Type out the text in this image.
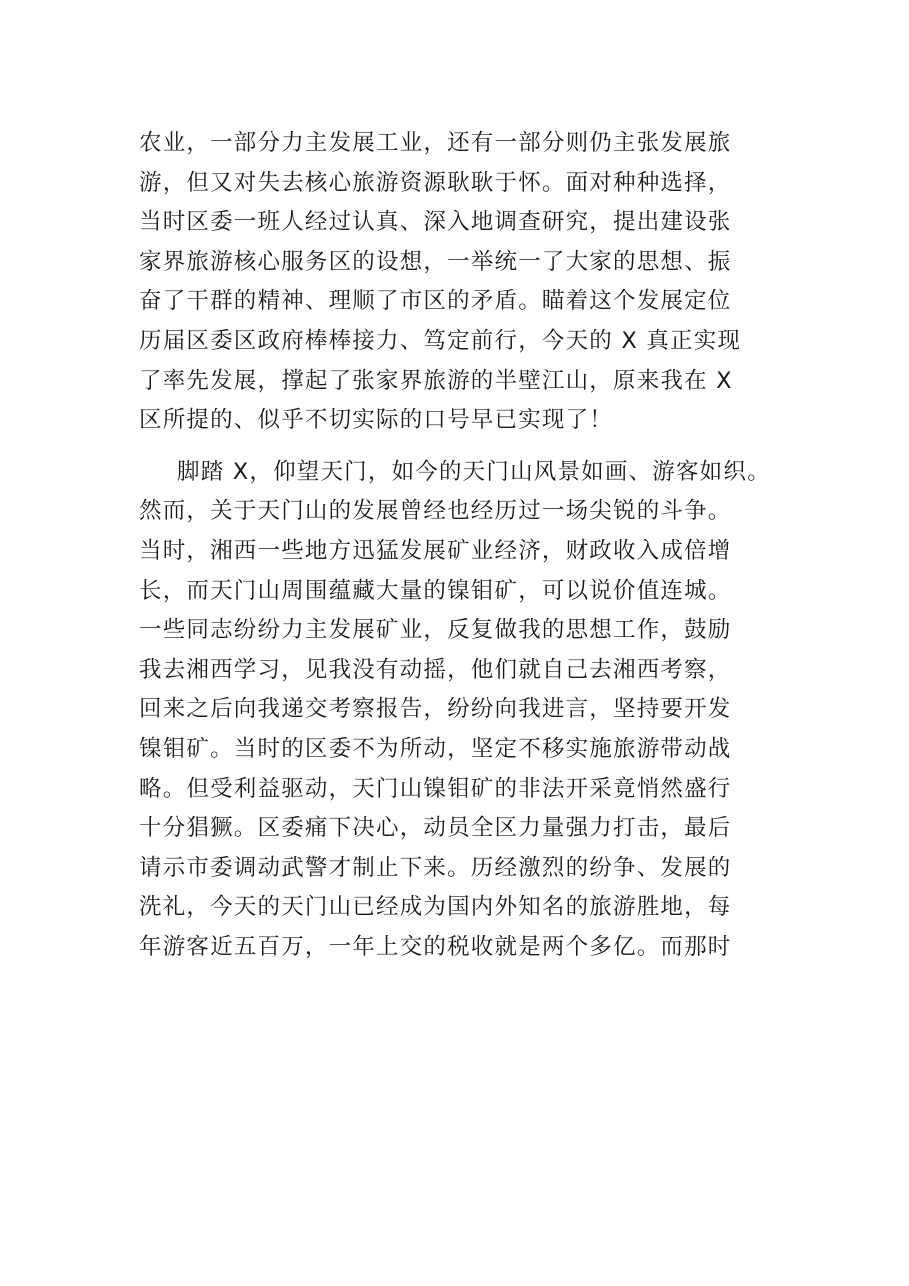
农业，一部分力主发展工业，还有一部分则仍主张发展旅
游，但又对失去核心旅游资源耿耿于怀。面对种种选择，
当时区委一班人经过认真、深入地调查研究，提出建设张
家界旅游核心服务区的设想，一举统一了大家的思想、振
奋了干群的精神、理顺了市区的矛盾。瞄着这个发展定位
历届区委区政府棒棒接力、笃定前行，今天的 X 真正实现
了率先发展，撑起了张家界旅游的半壁江山，原来我在 X
区所提的、似乎不切实际的口号早已实现了！
脚踏 X，仰望天门，如今的天门山风景如画、游客如织。
然而，关于天门山的发展曾经也经历过一场尖锐的斗争。
当时，湘西一些地方迅猛发展矿业经济，财政收入成倍增
长，而天门山周围蕴藏大量的镍钼矿，可以说价值连城。
一些同志纷纷力主发展矿业，反复做我的思想工作，鼓励
我去湘西学习，见我没有动摇，他们就自己去湘西考察，
回来之后向我递交考察报告，纷纷向我进言，坚持要开发
镍钼矿。当时的区委不为所动，坚定不移实施旅游带动战
略。但受利益驱动，天门山镍钼矿的非法开采竟悄然盛行
十分猖獗。区委痛下决心，动员全区力量强力打击，最后
请示市委调动武警才制止下来。历经激烈的纷争、发展的
洗礼，今天的天门山已经成为国内外知名的旅游胜地，每
年游客近五百万，一年上交的税收就是两个多亿。而那时
